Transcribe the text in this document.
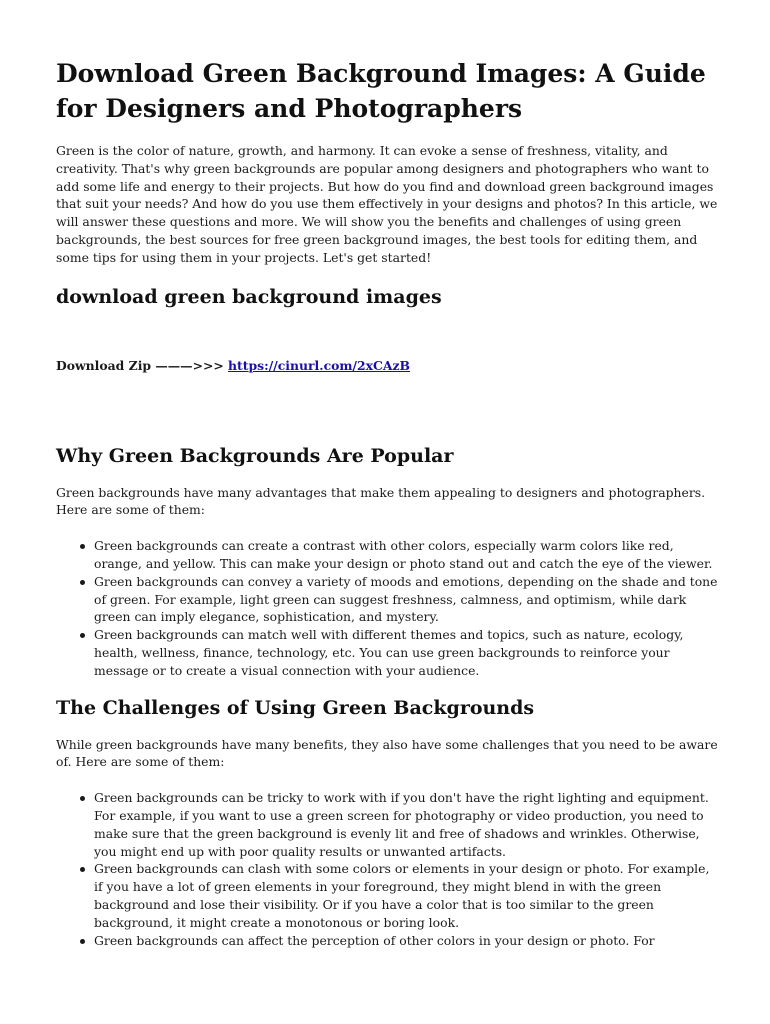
Download Green Background Images: A Guide for Designers and Photographers

Green is the color of nature, growth, and harmony. It can evoke a sense of freshness, vitality, and creativity. That's why green backgrounds are popular among designers and photographers who want to add some life and energy to their projects. But how do you find and download green background images that suit your needs? And how do you use them effectively in your designs and photos? In this article, we will answer these questions and more. We will show you the benefits and challenges of using green backgrounds, the best sources for free green background images, the best tools for editing them, and some tips for using them in your projects. Let's get started!

download green background images
Download Zip ———>>> https://cinurl.com/2xCAzB
Why Green Backgrounds Are Popular

Green backgrounds have many advantages that make them appealing to designers and photographers. Here are some of them:

Green backgrounds can create a contrast with other colors, especially warm colors like red, orange, and yellow. This can make your design or photo stand out and catch the eye of the viewer.
Green backgrounds can convey a variety of moods and emotions, depending on the shade and tone of green. For example, light green can suggest freshness, calmness, and optimism, while dark green can imply elegance, sophistication, and mystery.
Green backgrounds can match well with different themes and topics, such as nature, ecology, health, wellness, finance, technology, etc. You can use green backgrounds to reinforce your message or to create a visual connection with your audience.
The Challenges of Using Green Backgrounds

While green backgrounds have many benefits, they also have some challenges that you need to be aware of. Here are some of them:

Green backgrounds can be tricky to work with if you don't have the right lighting and equipment. For example, if you want to use a green screen for photography or video production, you need to make sure that the green background is evenly lit and free of shadows and wrinkles. Otherwise, you might end up with poor quality results or unwanted artifacts.
Green backgrounds can clash with some colors or elements in your design or photo. For example, if you have a lot of green elements in your foreground, they might blend in with the green background and lose their visibility. Or if you have a color that is too similar to the green background, it might create a monotonous or boring look.
Green backgrounds can affect the perception of other colors in your design or photo. For
